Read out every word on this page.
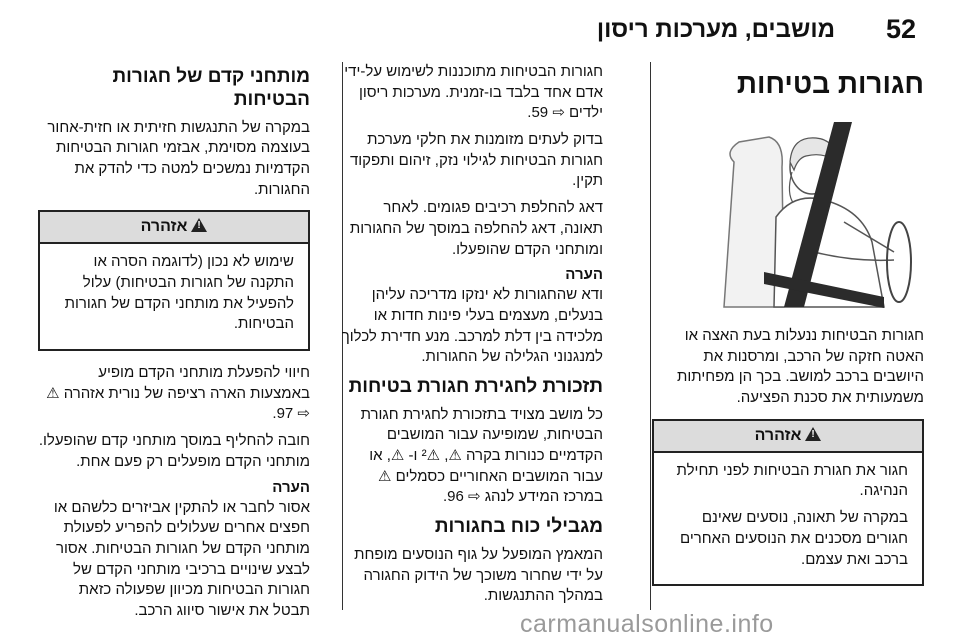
52
מושבים, מערכות ריסון
חגורות בטיחות

חגורות הבטיחות ננעלות בעת האצה או האטה חזקה של הרכב, ומרסנות את היושבים ברכב למושב. בכך הן מפחיתות משמעותית את סכנת הפציעה.

!אזהרה

חגור את חגורת הבטיחות לפני תחילת הנהיגה.

במקרה של תאונה, נוסעים שאינם חגורים מסכנים את הנוסעים האחרים ברכב ואת עצמם.

חגורות הבטיחות מתוכננות לשימוש על-ידי אדם אחד בלבד בו-זמנית. מערכות ריסון ילדים ⇨ 59.

בדוק לעתים מזומנות את חלקי מערכת חגורות הבטיחות לגילוי נזק, זיהום ותפקוד תקין.

דאג להחלפת רכיבים פגומים. לאחר תאונה, דאג להחלפה במוסך של החגורות ומותחני הקדם שהופעלו.

הערה

ודא שהחגורות לא ינזקו מדריכה עליהן בנעלים, מעצמים בעלי פינות חדות או מלכידה בין דלת למרכב. מנע חדירת לכלוך למנגנוני הגלילה של החגורות.

תזכורת לחגירת חגורת בטיחות

כל מושב מצויד בתזכורת לחגירת חגורת הבטיחות, שמופיעה עבור המושבים הקדמיים כנורות בקרה ⚠, ⚠² ו- ⚠, או עבור המושבים האחוריים כסמלים ⚠ במרכז המידע לנהג ⇨ 96.

מגבילי כוח בחגורות

המאמץ המופעל על גוף הנוסעים מופחת על ידי שחרור משוכך של הידוק החגורה במהלך ההתנגשות.

מותחני קדם של חגורות הבטיחות

במקרה של התנגשות חזיתית או חזית-אחור בעוצמה מסוימת, אבזמי חגורות הבטיחות הקדמיות נמשכים למטה כדי להדק את החגורות.

!אזהרה

שימוש לא נכון (לדוגמה הסרה או התקנה של חגורות הבטיחות) עלול להפעיל את מותחני הקדם של חגורות הבטיחות.

חיווי להפעלת מותחני הקדם מופיע באמצעות הארה רציפה של נורית אזהרה ⚠ ⇨ 97.

חובה להחליף במוסך מותחני קדם שהופעלו. מותחני הקדם מופעלים רק פעם אחת.

הערה

אסור לחבר או להתקין אביזרים כלשהם או חפצים אחרים שעלולים להפריע לפעולת מותחני הקדם של חגורות הבטיחות. אסור לבצע שינויים ברכיבי מותחני הקדם של חגורות הבטיחות מכיוון שפעולה כזאת תבטל את אישור סיווג הרכב.	carmanualsonline.info
